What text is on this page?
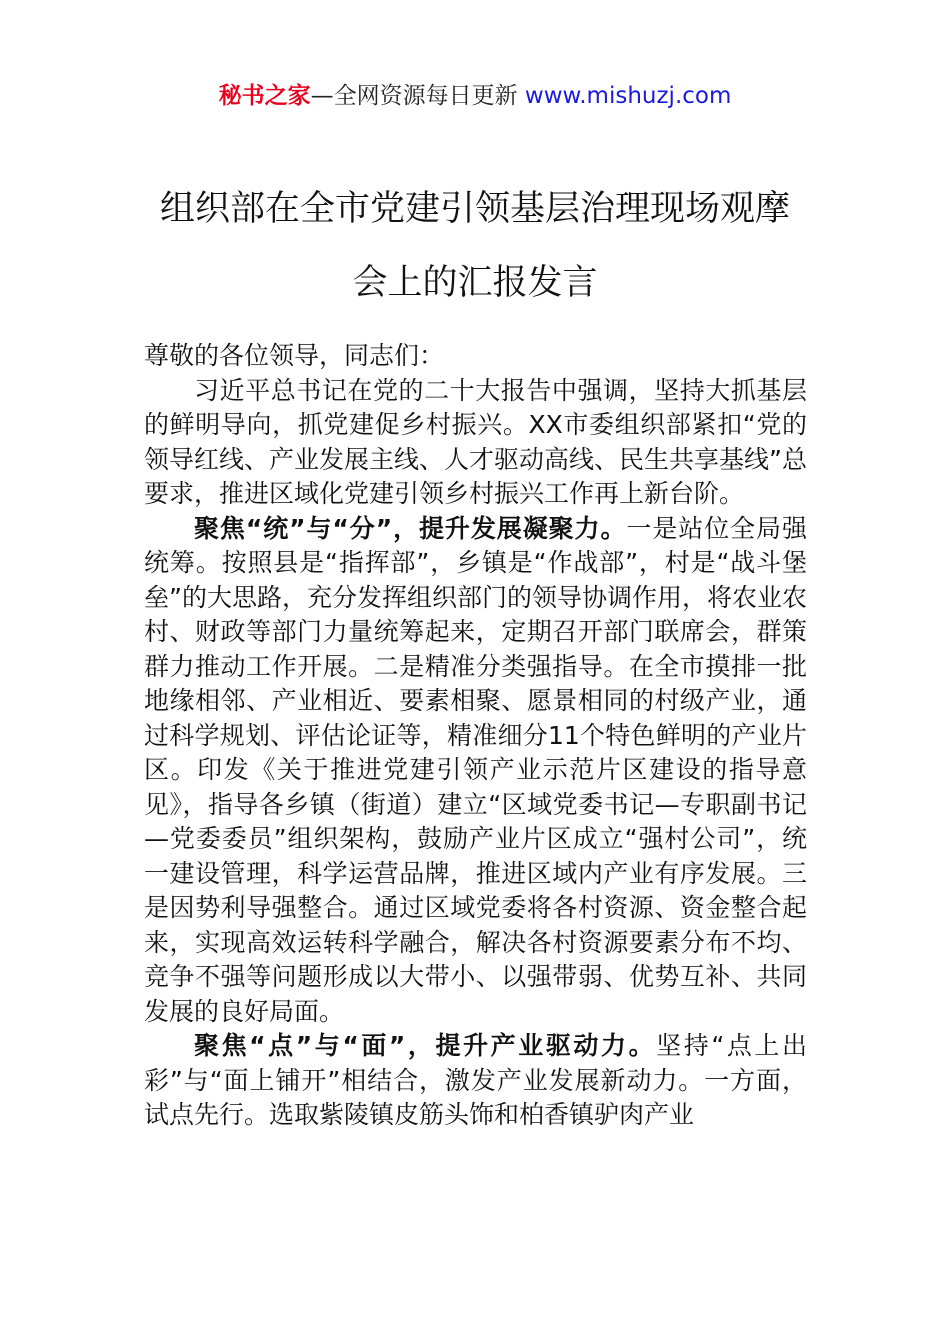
秘书之家—全网资源每日更新 www.mishuzj.com
组织部在全市党建引领基层治理现场观摩
会上的汇报发言

尊敬的各位领导，同志们：

习近平总书记在党的二十大报告中强调，坚持大抓基层的鲜明导向，抓党建促乡村振兴。XX市委组织部紧扣“党的领导红线、产业发展主线、人才驱动高线、民生共享基线”总要求，推进区域化党建引领乡村振兴工作再上新台阶。

聚焦“统”与“分”，提升发展凝聚力。一是站位全局强统筹。按照县是“指挥部”，乡镇是“作战部”，村是“战斗堡垒”的大思路，充分发挥组织部门的领导协调作用，将农业农村、财政等部门力量统筹起来，定期召开部门联席会，群策群力推动工作开展。二是精准分类强指导。在全市摸排一批地缘相邻、产业相近、要素相聚、愿景相同的村级产业，通过科学规划、评估论证等，精准细分11个特色鲜明的产业片区。印发《关于推进党建引领产业示范片区建设的指导意见》，指导各乡镇（街道）建立“区域党委书记—专职副书记—党委委员”组织架构，鼓励产业片区成立“强村公司”，统一建设管理，科学运营品牌，推进区域内产业有序发展。三是因势利导强整合。通过区域党委将各村资源、资金整合起来，实现高效运转科学融合，解决各村资源要素分布不均、竞争不强等问题形成以大带小、以强带弱、优势互补、共同发展的良好局面。

聚焦“点”与“面”，提升产业驱动力。坚持“点上出彩”与“面上铺开”相结合，激发产业发展新动力。一方面，试点先行。选取紫陵镇皮筋头饰和柏香镇驴肉产业
